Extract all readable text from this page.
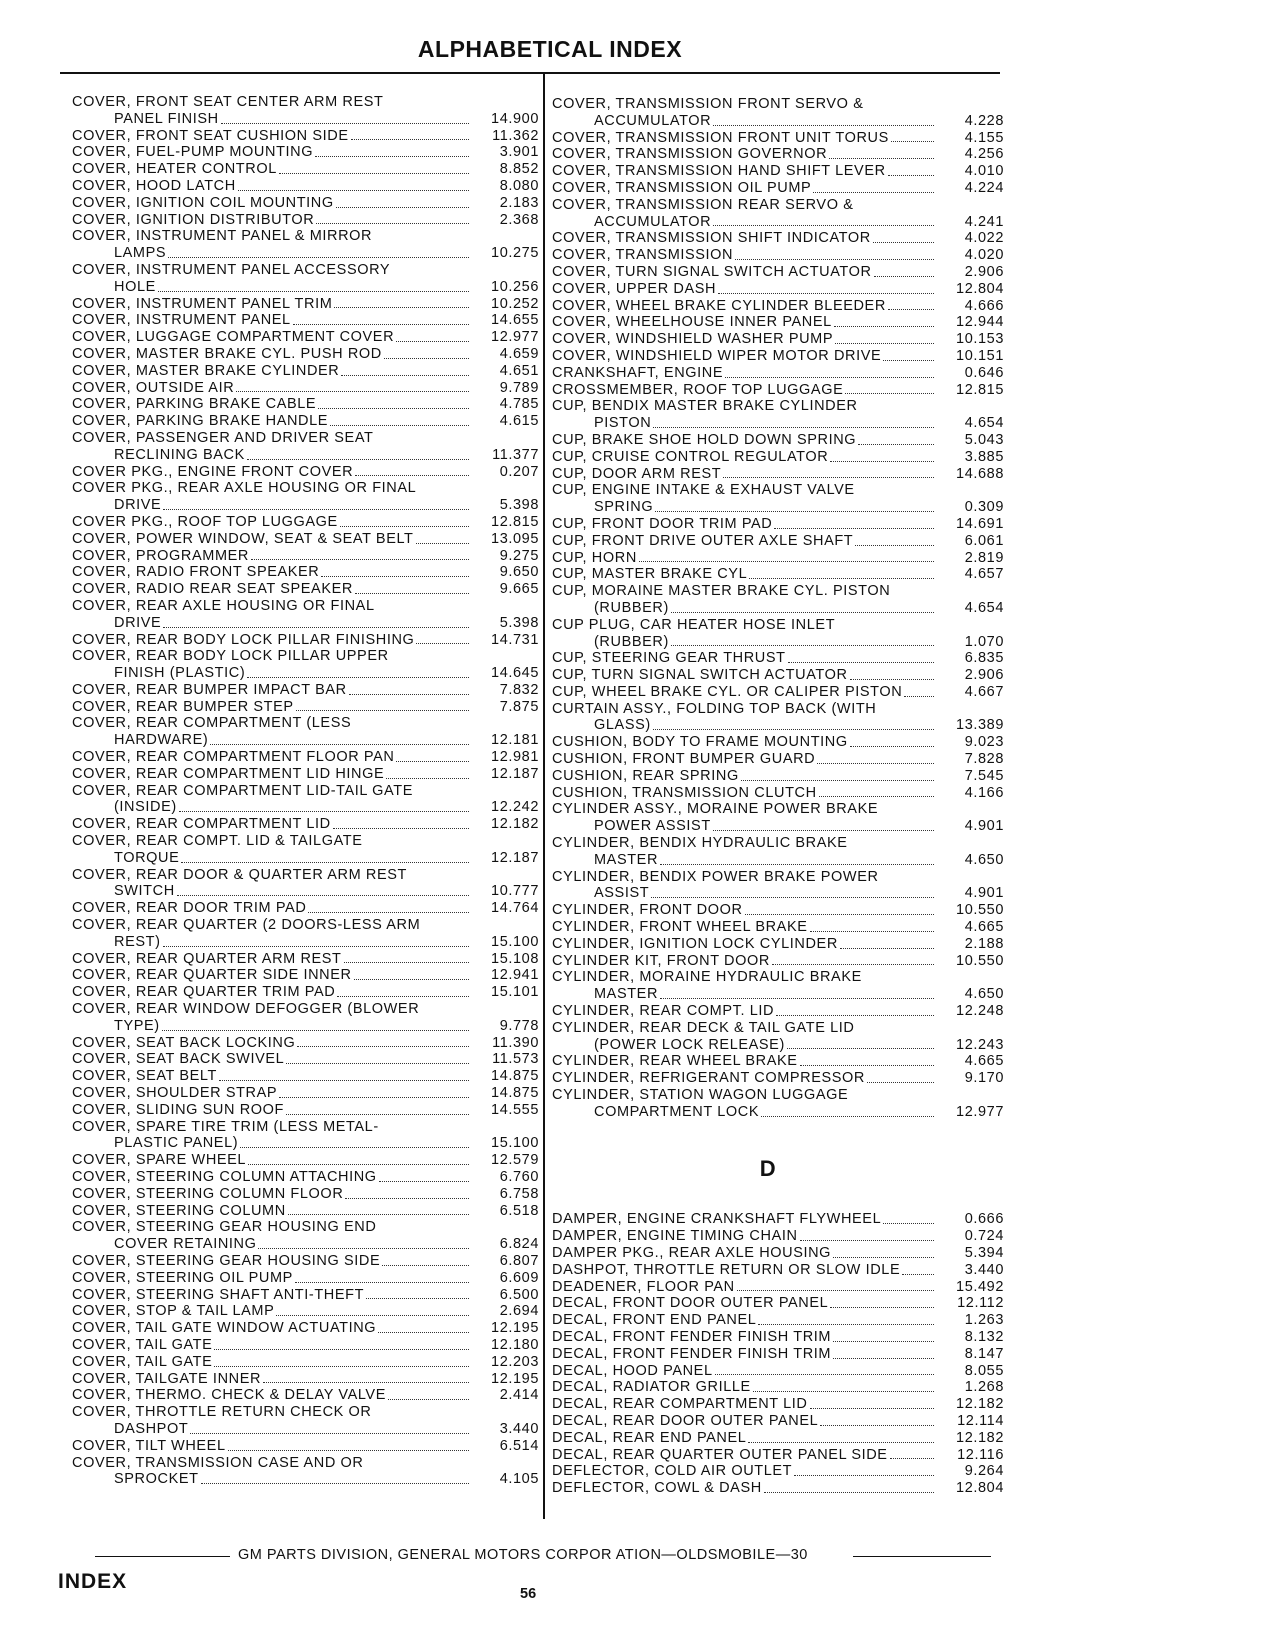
ALPHABETICAL INDEX
COVER, FRONT SEAT CENTER ARM REST
PANEL FINISH	14.900
COVER, FRONT SEAT CUSHION SIDE	11.362
COVER, FUEL-PUMP MOUNTING	3.901
COVER, HEATER CONTROL	8.852
COVER, HOOD LATCH	8.080
COVER, IGNITION COIL MOUNTING	2.183
COVER, IGNITION DISTRIBUTOR	2.368
COVER, INSTRUMENT PANEL & MIRROR
LAMPS	10.275
COVER, INSTRUMENT PANEL ACCESSORY
HOLE	10.256
COVER, INSTRUMENT PANEL TRIM	10.252
COVER, INSTRUMENT PANEL	14.655
COVER, LUGGAGE COMPARTMENT COVER	12.977
COVER, MASTER BRAKE CYL. PUSH ROD	4.659
COVER, MASTER BRAKE CYLINDER	4.651
COVER, OUTSIDE AIR	9.789
COVER, PARKING BRAKE CABLE	4.785
COVER, PARKING BRAKE HANDLE	4.615
COVER, PASSENGER AND DRIVER SEAT
RECLINING BACK	11.377
COVER PKG., ENGINE FRONT COVER	0.207
COVER PKG., REAR AXLE HOUSING OR FINAL
DRIVE	5.398
COVER PKG., ROOF TOP LUGGAGE	12.815
COVER, POWER WINDOW, SEAT & SEAT BELT	13.095
COVER, PROGRAMMER	9.275
COVER, RADIO FRONT SPEAKER	9.650
COVER, RADIO REAR SEAT SPEAKER	9.665
COVER, REAR AXLE HOUSING OR FINAL
DRIVE	5.398
COVER, REAR BODY LOCK PILLAR FINISHING	14.731
COVER, REAR BODY LOCK PILLAR UPPER
FINISH (PLASTIC)	14.645
COVER, REAR BUMPER IMPACT BAR	7.832
COVER, REAR BUMPER STEP	7.875
COVER, REAR COMPARTMENT (LESS
HARDWARE)	12.181
COVER, REAR COMPARTMENT FLOOR PAN	12.981
COVER, REAR COMPARTMENT LID HINGE	12.187
COVER, REAR COMPARTMENT LID-TAIL GATE
(INSIDE)	12.242
COVER, REAR COMPARTMENT LID	12.182
COVER, REAR COMPT. LID & TAILGATE
TORQUE	12.187
COVER, REAR DOOR & QUARTER ARM REST
SWITCH	10.777
COVER, REAR DOOR TRIM PAD	14.764
COVER, REAR QUARTER (2 DOORS-LESS ARM
REST)	15.100
COVER, REAR QUARTER ARM REST	15.108
COVER, REAR QUARTER SIDE INNER	12.941
COVER, REAR QUARTER TRIM PAD	15.101
COVER, REAR WINDOW DEFOGGER (BLOWER
TYPE)	9.778
COVER, SEAT BACK LOCKING	11.390
COVER, SEAT BACK SWIVEL	11.573
COVER, SEAT BELT	14.875
COVER, SHOULDER STRAP	14.875
COVER, SLIDING SUN ROOF	14.555
COVER, SPARE TIRE TRIM (LESS METAL-
PLASTIC PANEL)	15.100
COVER, SPARE WHEEL	12.579
COVER, STEERING COLUMN ATTACHING	6.760
COVER, STEERING COLUMN FLOOR	6.758
COVER, STEERING COLUMN	6.518
COVER, STEERING GEAR HOUSING END
COVER RETAINING	6.824
COVER, STEERING GEAR HOUSING SIDE	6.807
COVER, STEERING OIL PUMP	6.609
COVER, STEERING SHAFT ANTI-THEFT	6.500
COVER, STOP & TAIL LAMP	2.694
COVER, TAIL GATE WINDOW ACTUATING	12.195
COVER, TAIL GATE	12.180
COVER, TAIL GATE	12.203
COVER, TAILGATE INNER	12.195
COVER, THERMO. CHECK & DELAY VALVE	2.414
COVER, THROTTLE RETURN CHECK OR
DASHPOT	3.440
COVER, TILT WHEEL	6.514
COVER, TRANSMISSION CASE AND OR
SPROCKET	4.105
COVER, TRANSMISSION FRONT SERVO &
ACCUMULATOR	4.228
COVER, TRANSMISSION FRONT UNIT TORUS	4.155
COVER, TRANSMISSION GOVERNOR	4.256
COVER, TRANSMISSION HAND SHIFT LEVER	4.010
COVER, TRANSMISSION OIL PUMP	4.224
COVER, TRANSMISSION REAR SERVO &
ACCUMULATOR	4.241
COVER, TRANSMISSION SHIFT INDICATOR	4.022
COVER, TRANSMISSION	4.020
COVER, TURN SIGNAL SWITCH ACTUATOR	2.906
COVER, UPPER DASH	12.804
COVER, WHEEL BRAKE CYLINDER BLEEDER	4.666
COVER, WHEELHOUSE INNER PANEL	12.944
COVER, WINDSHIELD WASHER PUMP	10.153
COVER, WINDSHIELD WIPER MOTOR DRIVE	10.151
CRANKSHAFT, ENGINE	0.646
CROSSMEMBER, ROOF TOP LUGGAGE	12.815
CUP, BENDIX MASTER BRAKE CYLINDER
PISTON	4.654
CUP, BRAKE SHOE HOLD DOWN SPRING	5.043
CUP, CRUISE CONTROL REGULATOR	3.885
CUP, DOOR ARM REST	14.688
CUP, ENGINE INTAKE & EXHAUST VALVE
SPRING	0.309
CUP, FRONT DOOR TRIM PAD	14.691
CUP, FRONT DRIVE OUTER AXLE SHAFT	6.061
CUP, HORN	2.819
CUP, MASTER BRAKE CYL	4.657
CUP, MORAINE MASTER BRAKE CYL. PISTON
(RUBBER)	4.654
CUP PLUG, CAR HEATER HOSE INLET
(RUBBER)	1.070
CUP, STEERING GEAR THRUST	6.835
CUP, TURN SIGNAL SWITCH ACTUATOR	2.906
CUP, WHEEL BRAKE CYL. OR CALIPER PISTON	4.667
CURTAIN ASSY., FOLDING TOP BACK (WITH
GLASS)	13.389
CUSHION, BODY TO FRAME MOUNTING	9.023
CUSHION, FRONT BUMPER GUARD	7.828
CUSHION, REAR SPRING	7.545
CUSHION, TRANSMISSION CLUTCH	4.166
CYLINDER ASSY., MORAINE POWER BRAKE
POWER ASSIST	4.901
CYLINDER, BENDIX HYDRAULIC BRAKE
MASTER	4.650
CYLINDER, BENDIX POWER BRAKE POWER
ASSIST	4.901
CYLINDER, FRONT DOOR	10.550
CYLINDER, FRONT WHEEL BRAKE	4.665
CYLINDER, IGNITION LOCK CYLINDER	2.188
CYLINDER KIT, FRONT DOOR	10.550
CYLINDER, MORAINE HYDRAULIC BRAKE
MASTER	4.650
CYLINDER, REAR COMPT. LID	12.248
CYLINDER, REAR DECK & TAIL GATE LID
(POWER LOCK RELEASE)	12.243
CYLINDER, REAR WHEEL BRAKE	4.665
CYLINDER, REFRIGERANT COMPRESSOR	9.170
CYLINDER, STATION WAGON LUGGAGE
COMPARTMENT LOCK	12.977
D
DAMPER, ENGINE CRANKSHAFT FLYWHEEL	0.666
DAMPER, ENGINE TIMING CHAIN	0.724
DAMPER PKG., REAR AXLE HOUSING	5.394
DASHPOT, THROTTLE RETURN OR SLOW IDLE	3.440
DEADENER, FLOOR PAN	15.492
DECAL, FRONT DOOR OUTER PANEL	12.112
DECAL, FRONT END PANEL	1.263
DECAL, FRONT FENDER FINISH TRIM	8.132
DECAL, FRONT FENDER FINISH TRIM	8.147
DECAL, HOOD PANEL	8.055
DECAL, RADIATOR GRILLE	1.268
DECAL, REAR COMPARTMENT LID	12.182
DECAL, REAR DOOR OUTER PANEL	12.114
DECAL, REAR END PANEL	12.182
DECAL, REAR QUARTER OUTER PANEL SIDE	12.116
DEFLECTOR, COLD AIR OUTLET	9.264
DEFLECTOR, COWL & DASH	12.804
GM PARTS DIVISION, GENERAL MOTORS CORPOR ATION—OLDSMOBILE—30
INDEX
56
